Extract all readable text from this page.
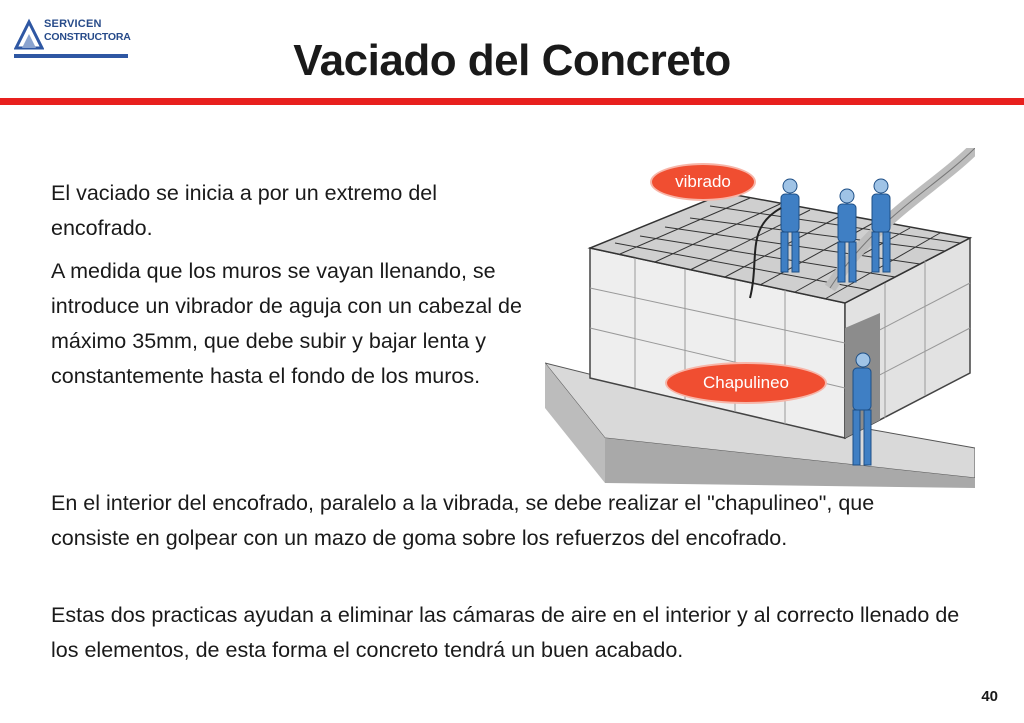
SERVICEN
CONSTRUCTORA	Vaciado del Concreto

El vaciado se inicia a por un extremo del encofrado.

A medida que los muros se vayan llenando, se introduce un vibrador de aguja con un cabezal de máximo 35mm, que debe subir y bajar lenta y constantemente hasta el fondo de los muros.

vibrado
Chapulineo

En el interior del encofrado, paralelo a la vibrada, se debe realizar el "chapulineo", que consiste en golpear con un mazo de goma sobre los refuerzos del encofrado.

Estas dos practicas ayudan a eliminar las cámaras de aire en el interior y al correcto llenado de los elementos, de esta forma el concreto tendrá un buen acabado.

40
